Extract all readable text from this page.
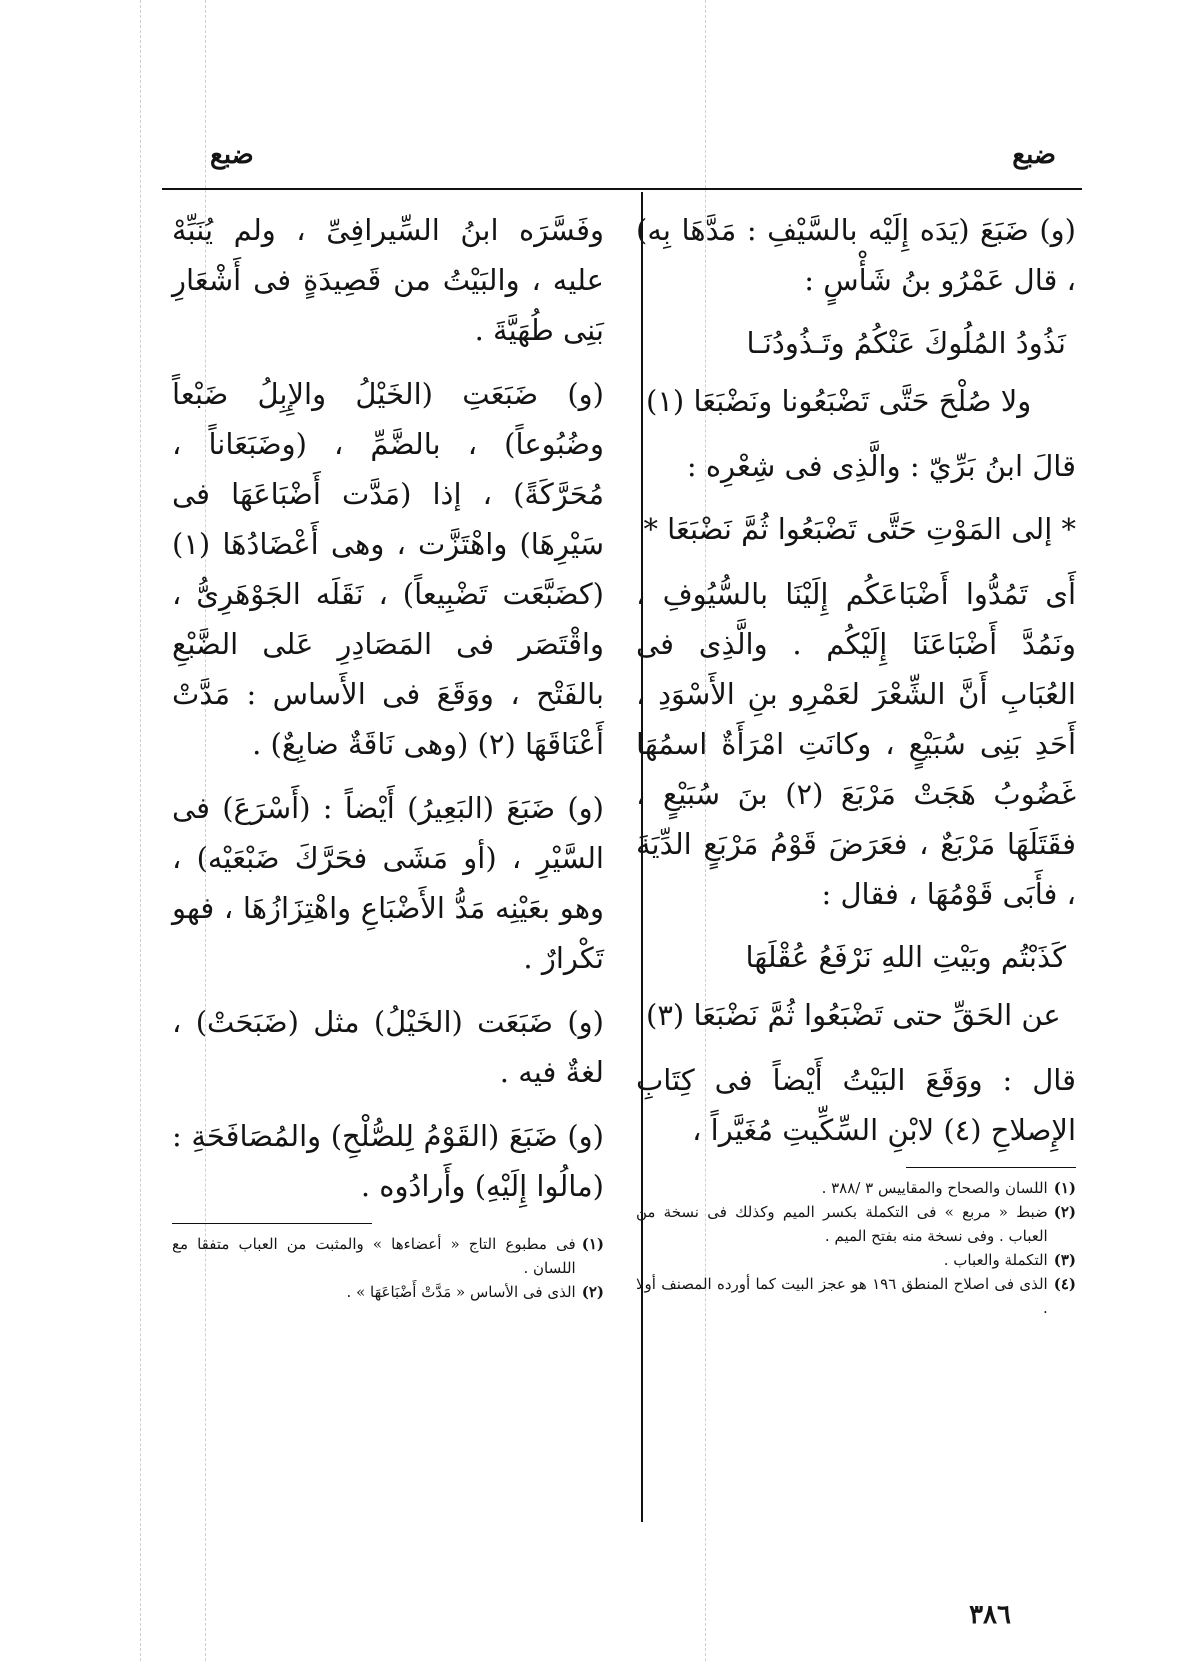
ضبع
ضبع

(و) ضَبَعَ (يَدَه إِلَيْه بالسَّيْفِ : مَدَّهَا بِه) ، قال عَمْرُو بنُ شَأْسٍ :

نَذُودُ المُلُوكَ عَنْكُمُ وتَـذُودُنَـا
ولا صُلْحَ حَتَّى تَضْبَعُونا ونَضْبَعَا (١)

قالَ ابنُ بَرِّيّ : والَّذِى فى شِعْرِه :

* إلى المَوْتِ حَتَّى تَضْبَعُوا ثُمَّ نَضْبَعَا *

أَى تَمُدُّوا أَضْبَاعَكُم إِلَيْنَا بالسُّيُوفِ ، ونَمُدَّ أَضْبَاعَنَا إِلَيْكُم . والَّذِى فى العُبَابِ أَنَّ الشِّعْرَ لعَمْرِو بنِ الأَسْوَدِ ، أَحَدِ بَنِى سُبَيْعٍ ، وكانَتِ امْرَأَةٌ اسمُهَا غَضُوبُ هَجَتْ مَرْبَعَ (٢) بنَ سُبَيْعٍ ، فقَتَلَهَا مَرْبَعٌ ، فعَرَضَ قَوْمُ مَرْبَعٍ الدِّيَةَ ، فأَبَى قَوْمُهَا ، فقال :

كَذَبْتُم وبَيْتِ اللهِ نَرْفَعُ عُقْلَهَا
عن الحَقِّ حتى تَضْبَعُوا ثُمَّ نَضْبَعَا (٣)

قال : ووَقَعَ البَيْتُ أَيْضاً فى كِتَابِ الإِصلاحِ (٤) لابْنِ السِّكِّيتِ مُغَيَّراً ،

(١)
اللسان والصحاح والمقاييس ٣ /٣٨٨ .
(٢)
ضبط « مربع » فى التكملة بكسر الميم وكذلك فى نسخة من العباب . وفى نسخة منه بفتح الميم .
(٣)
التكملة والعباب .
(٤)
الذى فى اصلاح المنطق ١٩٦ هو عجز البيت كما أورده المصنف أولا .

وفَسَّرَه ابنُ السِّيرافِىِّ ، ولم يُنَبِّهْ عليه ، والبَيْتُ من قَصِيدَةٍ فى أَشْعَارِ بَنِى طُهَيَّةَ .

(و) ضَبَعَتِ (الخَيْلُ والإِبِلُ ضَبْعاً وضُبُوعاً) ، بالضَّمِّ ، (وضَبَعَاناً ، مُحَرَّكَةً) ، إذا (مَدَّت أَضْبَاعَهَا فى سَيْرِهَا) واهْتَزَّت ، وهى أَعْضَادُهَا (١) (كضَبَّعَت تَضْبِيعاً) ، نَقَلَه الجَوْهَرِىُّ ، واقْتَصَر فى المَصَادِرِ عَلى الضَّبْعِ بالفَتْح ، ووَقَعَ فى الأَساس : مَدَّتْ أَعْنَاقَهَا (٢) (وهى نَاقَةٌ ضابِعٌ) .

(و) ضَبَعَ (البَعِيرُ) أَيْضاً : (أَسْرَعَ) فى السَّيْرِ ، (أو مَشَى فحَرَّكَ ضَبْعَيْه) ، وهو بعَيْنِه مَدُّ الأَضْبَاعِ واهْتِزَازُهَا ، فهو تَكْرارٌ .

(و) ضَبَعَت (الخَيْلُ) مثل (ضَبَحَتْ) ، لغةٌ فيه .

(و) ضَبَعَ (القَوْمُ لِلصُّلْحِ) والمُصَافَحَةِ : (مالُوا إِلَيْهِ) وأَرادُوه .

(١)
فى مطبوع التاج « أعضاءها » والمثبت من العباب متفقا مع اللسان .
(٢)
الذى فى الأساس « مَدَّتْ أَضْبَاعَهَا » .
٣٨٦
